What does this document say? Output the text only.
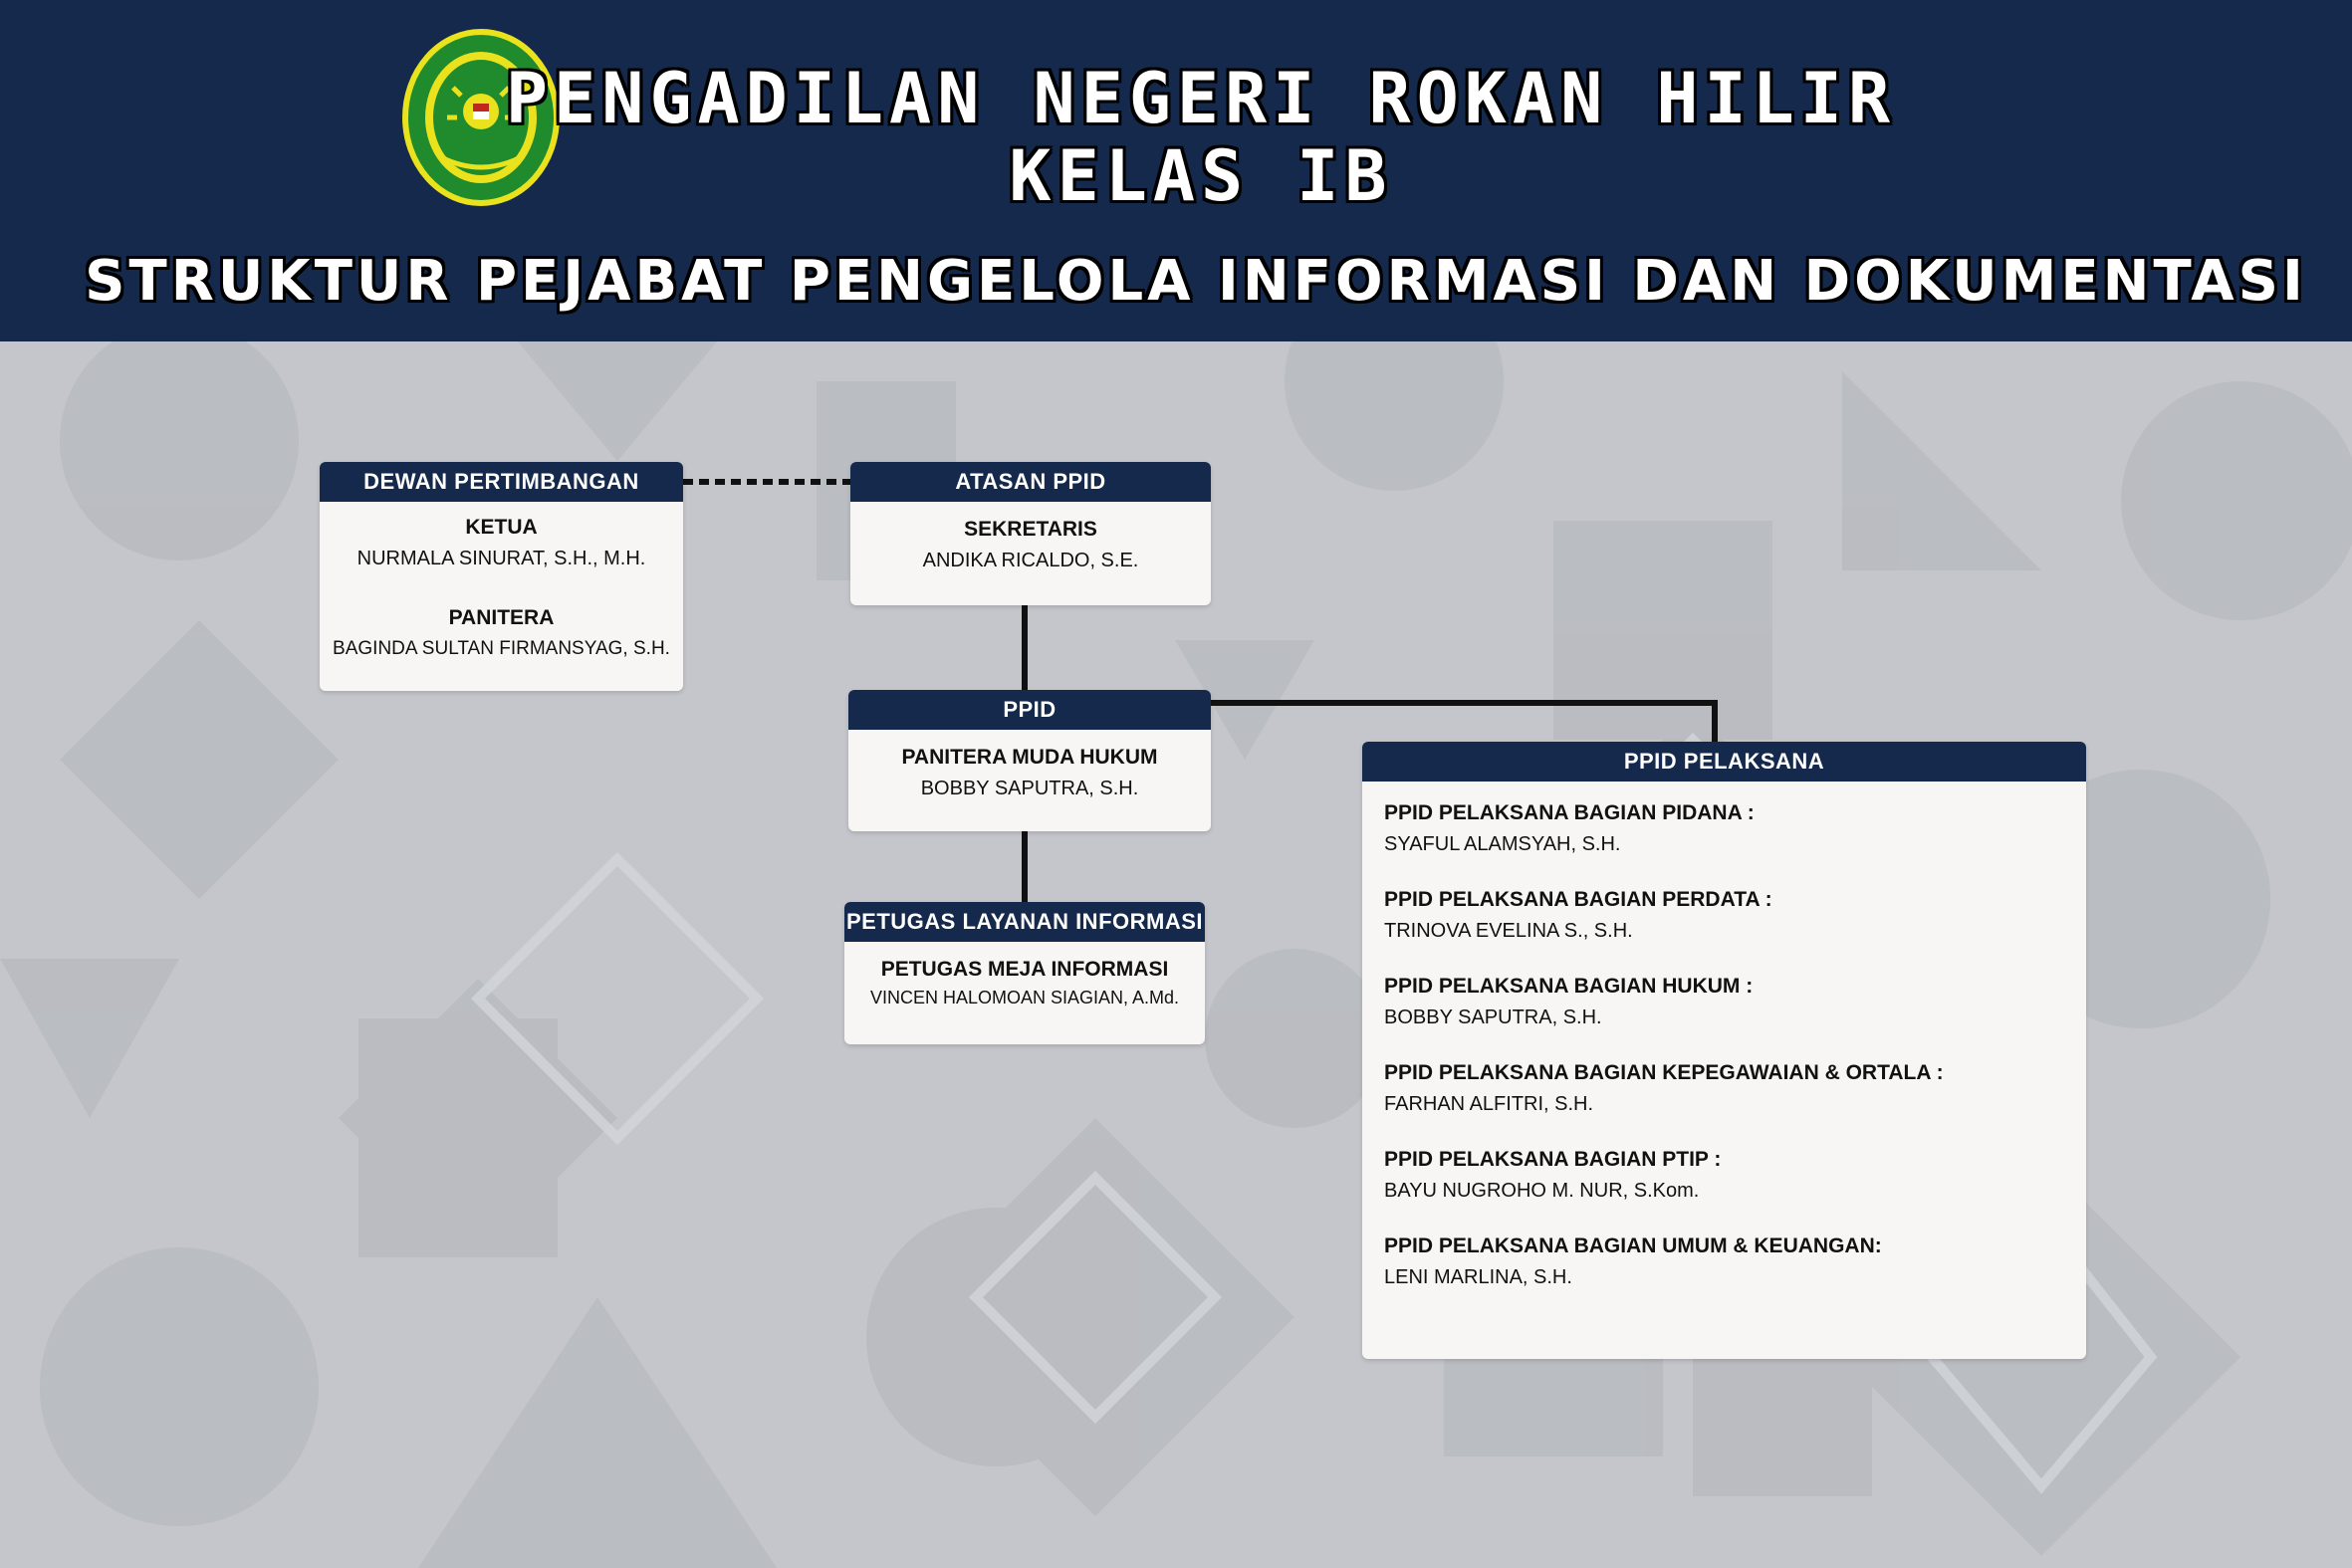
PENGADILAN NEGERI ROKAN HILIR
KELAS IB
STRUKTUR PEJABAT PENGELOLA INFORMASI DAN DOKUMENTASI
DEWAN PERTIMBANGAN
KETUA
NURMALA SINURAT, S.H., M.H.
PANITERA
BAGINDA SULTAN FIRMANSYAG, S.H.
ATASAN PPID
SEKRETARIS
ANDIKA RICALDO, S.E.
PPID
PANITERA MUDA HUKUM
BOBBY SAPUTRA, S.H.
PETUGAS LAYANAN INFORMASI
PETUGAS MEJA INFORMASI
VINCEN HALOMOAN SIAGIAN, A.Md.
PPID PELAKSANA
PPID PELAKSANA BAGIAN PIDANA :
SYAFUL ALAMSYAH, S.H.
PPID PELAKSANA BAGIAN PERDATA :
TRINOVA EVELINA S., S.H.
PPID PELAKSANA BAGIAN HUKUM :
BOBBY SAPUTRA, S.H.
PPID PELAKSANA BAGIAN KEPEGAWAIAN & ORTALA :
FARHAN ALFITRI, S.H.
PPID PELAKSANA BAGIAN PTIP :
BAYU NUGROHO M. NUR, S.Kom.
PPID PELAKSANA BAGIAN UMUM & KEUANGAN:
LENI MARLINA, S.H.
